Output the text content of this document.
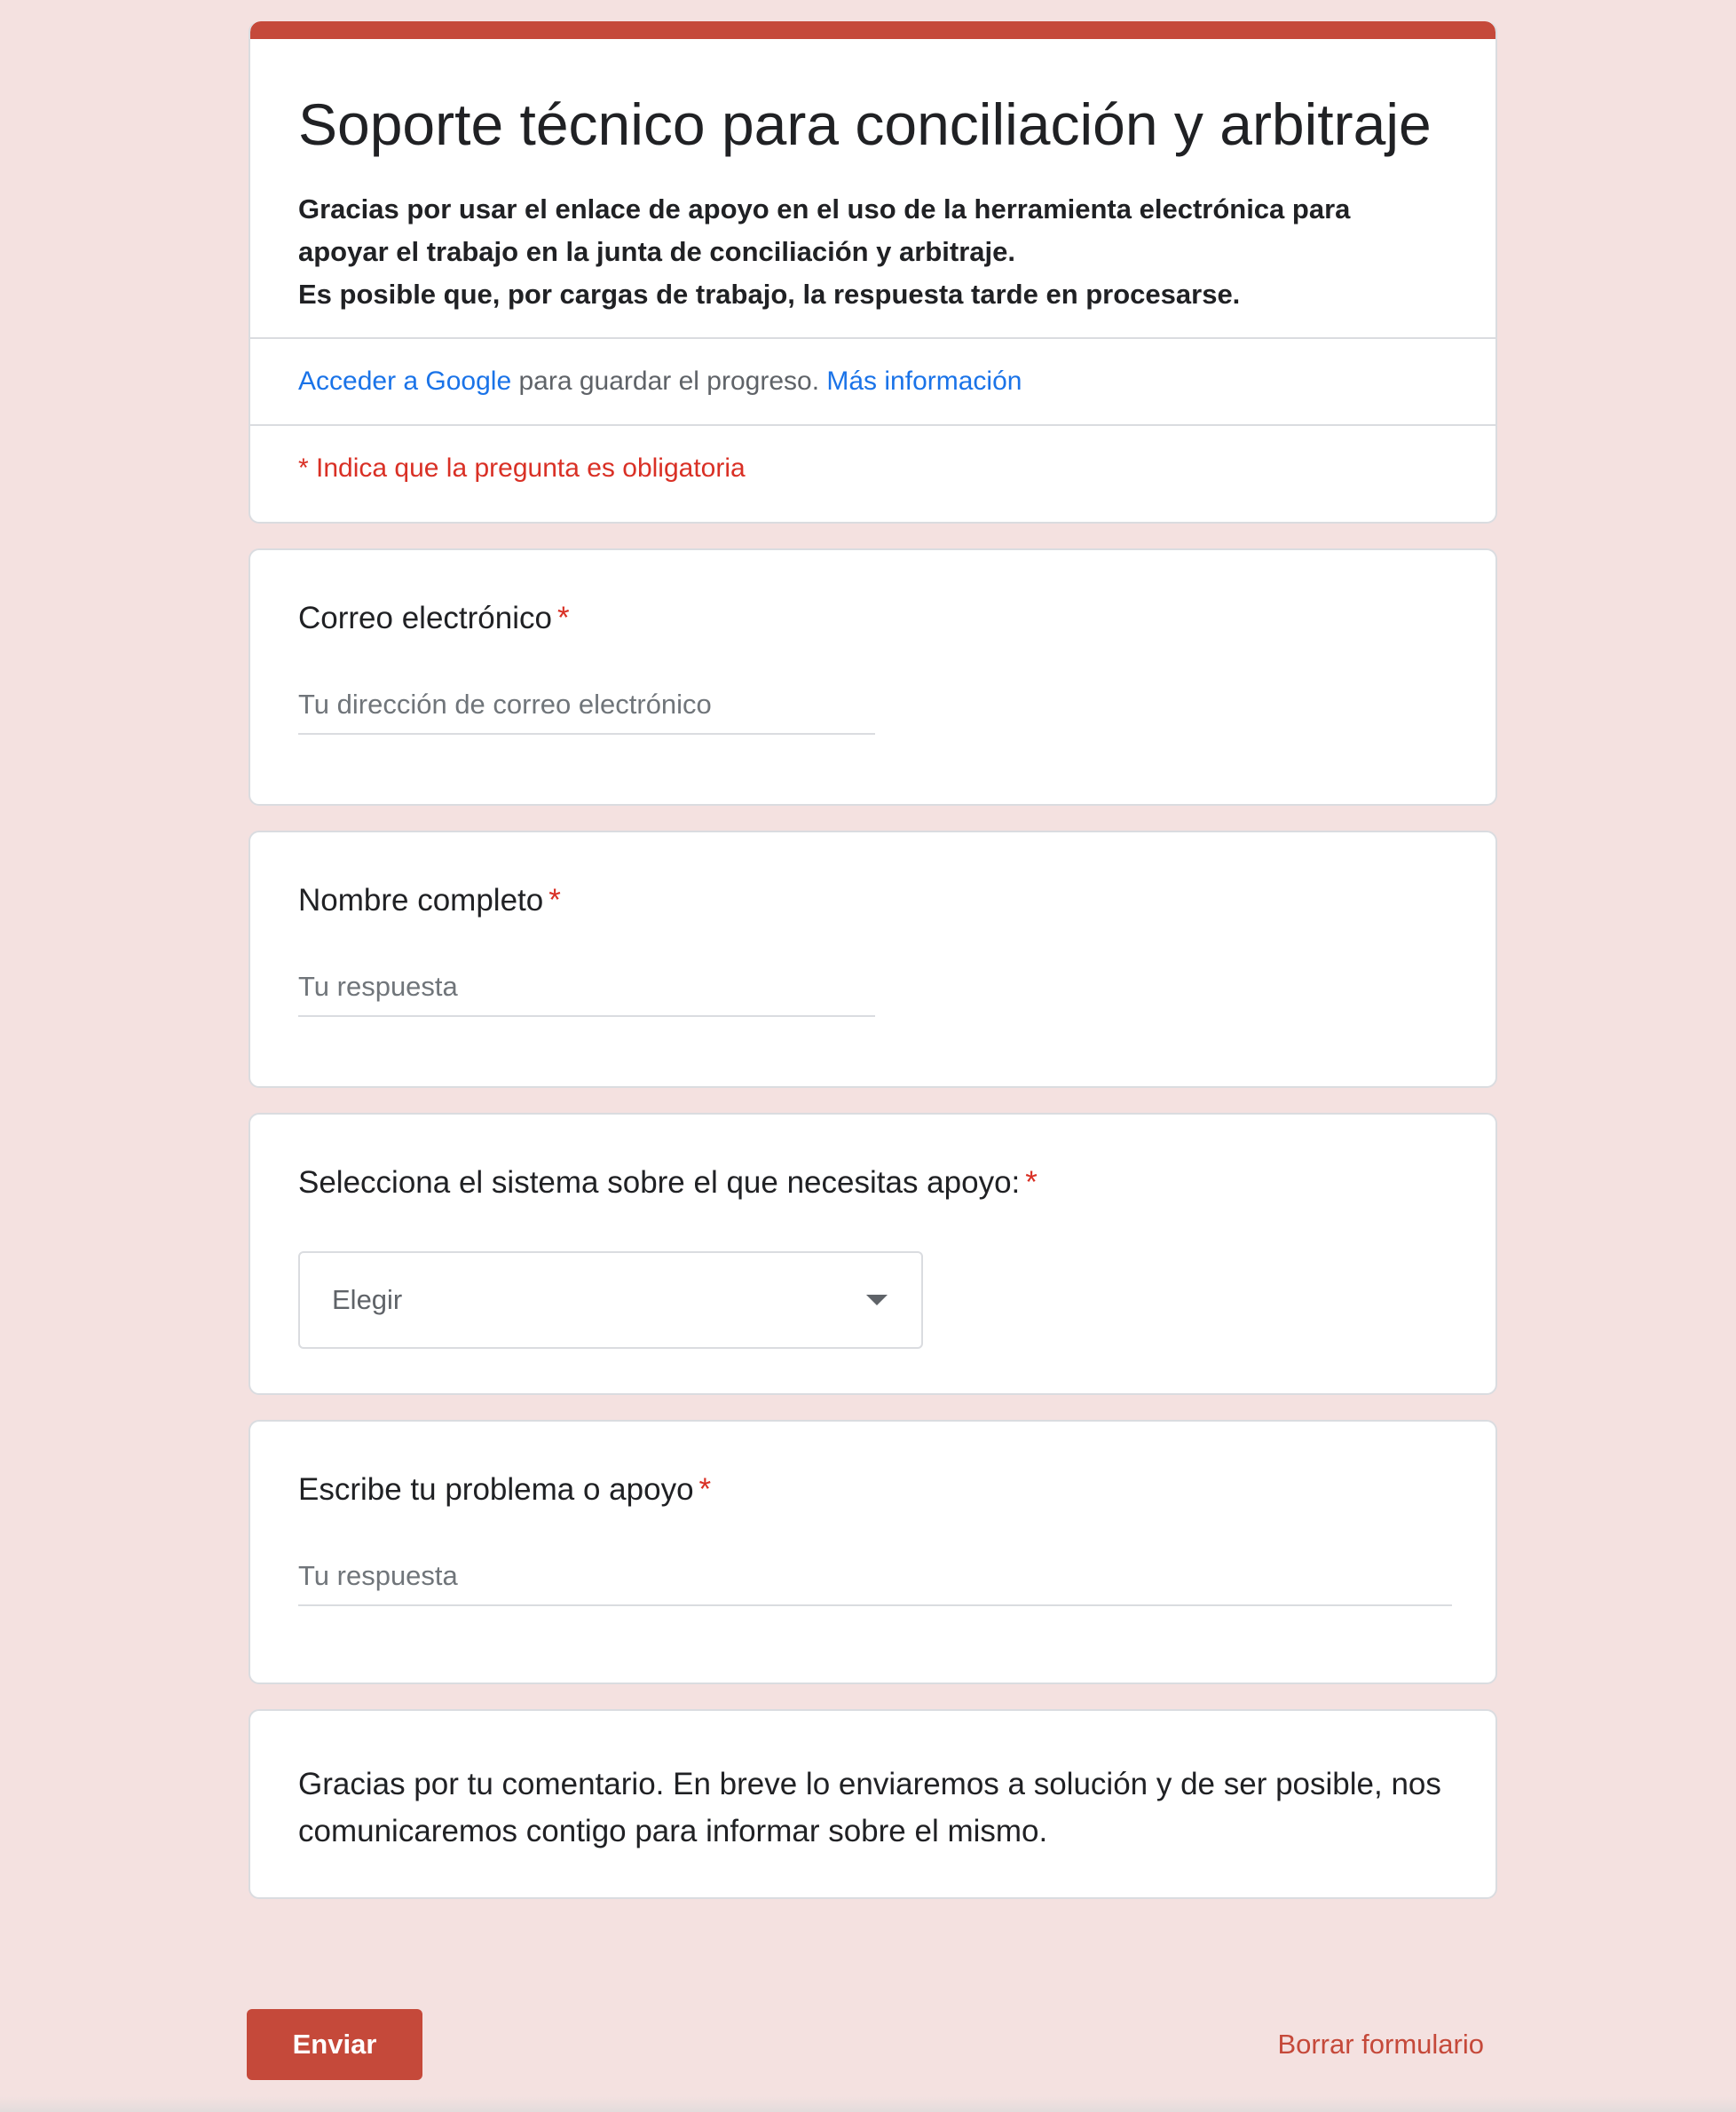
Soporte técnico para conciliación y arbitraje
Gracias por usar el enlace de apoyo en el uso de la herramienta electrónica para apoyar el trabajo en la junta de conciliación y arbitraje.
Es posible que, por cargas de trabajo, la respuesta tarde en procesarse.
Acceder a Google para guardar el progreso. Más información
* Indica que la pregunta es obligatoria
Correo electrónico *
Tu dirección de correo electrónico
Nombre completo *
Tu respuesta
Selecciona el sistema sobre el que necesitas apoyo: *
Elegir
Escribe tu problema o apoyo *
Tu respuesta
Gracias por tu comentario. En breve lo enviaremos a solución y de ser posible, nos comunicaremos contigo para informar sobre el mismo.
Enviar	Borrar formulario
